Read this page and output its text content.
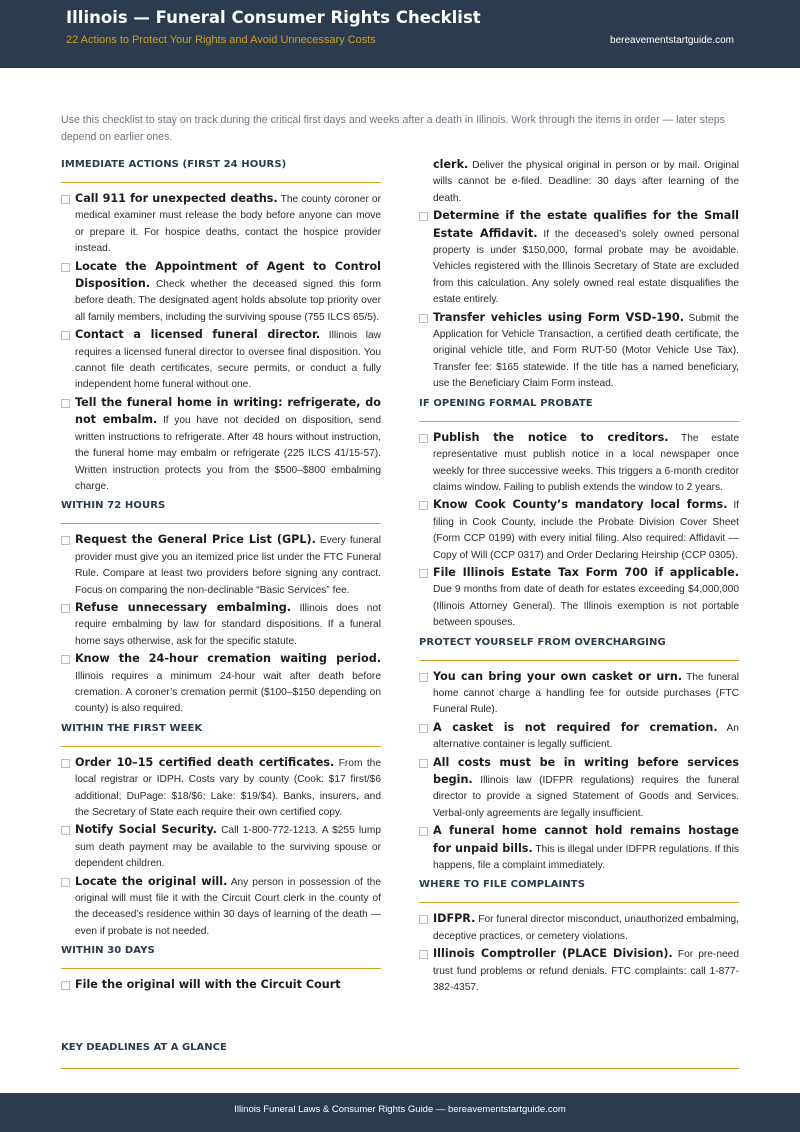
Illinois — Funeral Consumer Rights Checklist
22 Actions to Protect Your Rights and Avoid Unnecessary Costs	bereavementstartguide.com
Use this checklist to stay on track during the critical first days and weeks after a death in Illinois. Work through the items in order — later steps depend on earlier ones.
IMMEDIATE ACTIONS (FIRST 24 HOURS)
Call 911 for unexpected deaths. The county coroner or medical examiner must release the body before anyone can move or prepare it. For hospice deaths, contact the hospice provider instead.
Locate the Appointment of Agent to Control Disposition. Check whether the deceased signed this form before death. The designated agent holds absolute top priority over all family members, including the surviving spouse (755 ILCS 65/5).
Contact a licensed funeral director. Illinois law requires a licensed funeral director to oversee final disposition. You cannot file death certificates, secure permits, or conduct a fully independent home funeral without one.
Tell the funeral home in writing: refrigerate, do not embalm. If you have not decided on disposition, send written instructions to refrigerate. After 48 hours without instruction, the funeral home may embalm or refrigerate (225 ILCS 41/15-57). Written instruction protects you from the $500–$800 embalming charge.
WITHIN 72 HOURS
Request the General Price List (GPL). Every funeral provider must give you an itemized price list under the FTC Funeral Rule. Compare at least two providers before signing any contract. Focus on comparing the non-declinable “Basic Services” fee.
Refuse unnecessary embalming. Illinois does not require embalming by law for standard dispositions. If a funeral home says otherwise, ask for the specific statute.
Know the 24-hour cremation waiting period. Illinois requires a minimum 24-hour wait after death before cremation. A coroner’s cremation permit ($100–$150 depending on county) is also required.
WITHIN THE FIRST WEEK
Order 10–15 certified death certificates. From the local registrar or IDPH. Costs vary by county (Cook: $17 first/$6 additional; DuPage: $18/$6; Lake: $19/$4). Banks, insurers, and the Secretary of State each require their own certified copy.
Notify Social Security. Call 1-800-772-1213. A $255 lump sum death payment may be available to the surviving spouse or dependent children.
Locate the original will. Any person in possession of the original will must file it with the Circuit Court clerk in the county of the deceased’s residence within 30 days of learning of the death — even if probate is not needed.
WITHIN 30 DAYS
File the original will with the Circuit Court
clerk. Deliver the physical original in person or by mail. Original wills cannot be e-filed. Deadline: 30 days after learning of the death.
Determine if the estate qualifies for the Small Estate Affidavit. If the deceased’s solely owned personal property is under $150,000, formal probate may be avoidable. Vehicles registered with the Illinois Secretary of State are excluded from this calculation. Any solely owned real estate disqualifies the estate entirely.
Transfer vehicles using Form VSD-190. Submit the Application for Vehicle Transaction, a certified death certificate, the original vehicle title, and Form RUT-50 (Motor Vehicle Use Tax). Transfer fee: $165 statewide. If the title has a named beneficiary, use the Beneficiary Claim Form instead.
IF OPENING FORMAL PROBATE
Publish the notice to creditors. The estate representative must publish notice in a local newspaper once weekly for three successive weeks. This triggers a 6-month creditor claims window. Failing to publish extends the window to 2 years.
Know Cook County’s mandatory local forms. If filing in Cook County, include the Probate Division Cover Sheet (Form CCP 0199) with every initial filing. Also required: Affidavit — Copy of Will (CCP 0317) and Order Declaring Heirship (CCP 0305).
File Illinois Estate Tax Form 700 if applicable. Due 9 months from date of death for estates exceeding $4,000,000 (Illinois Attorney General). The Illinois exemption is not portable between spouses.
PROTECT YOURSELF FROM OVERCHARGING
You can bring your own casket or urn. The funeral home cannot charge a handling fee for outside purchases (FTC Funeral Rule).
A casket is not required for cremation. An alternative container is legally sufficient.
All costs must be in writing before services begin. Illinois law (IDFPR regulations) requires the funeral director to provide a signed Statement of Goods and Services. Verbal-only agreements are legally insufficient.
A funeral home cannot hold remains hostage for unpaid bills. This is illegal under IDFPR regulations. If this happens, file a complaint immediately.
WHERE TO FILE COMPLAINTS
IDFPR. For funeral director misconduct, unauthorized embalming, deceptive practices, or cemetery violations.
Illinois Comptroller (PLACE Division). For pre-need trust fund problems or refund denials. FTC complaints: call 1-877-382-4357.
KEY DEADLINES AT A GLANCE
Illinois Funeral Laws & Consumer Rights Guide — bereavementstartguide.com
